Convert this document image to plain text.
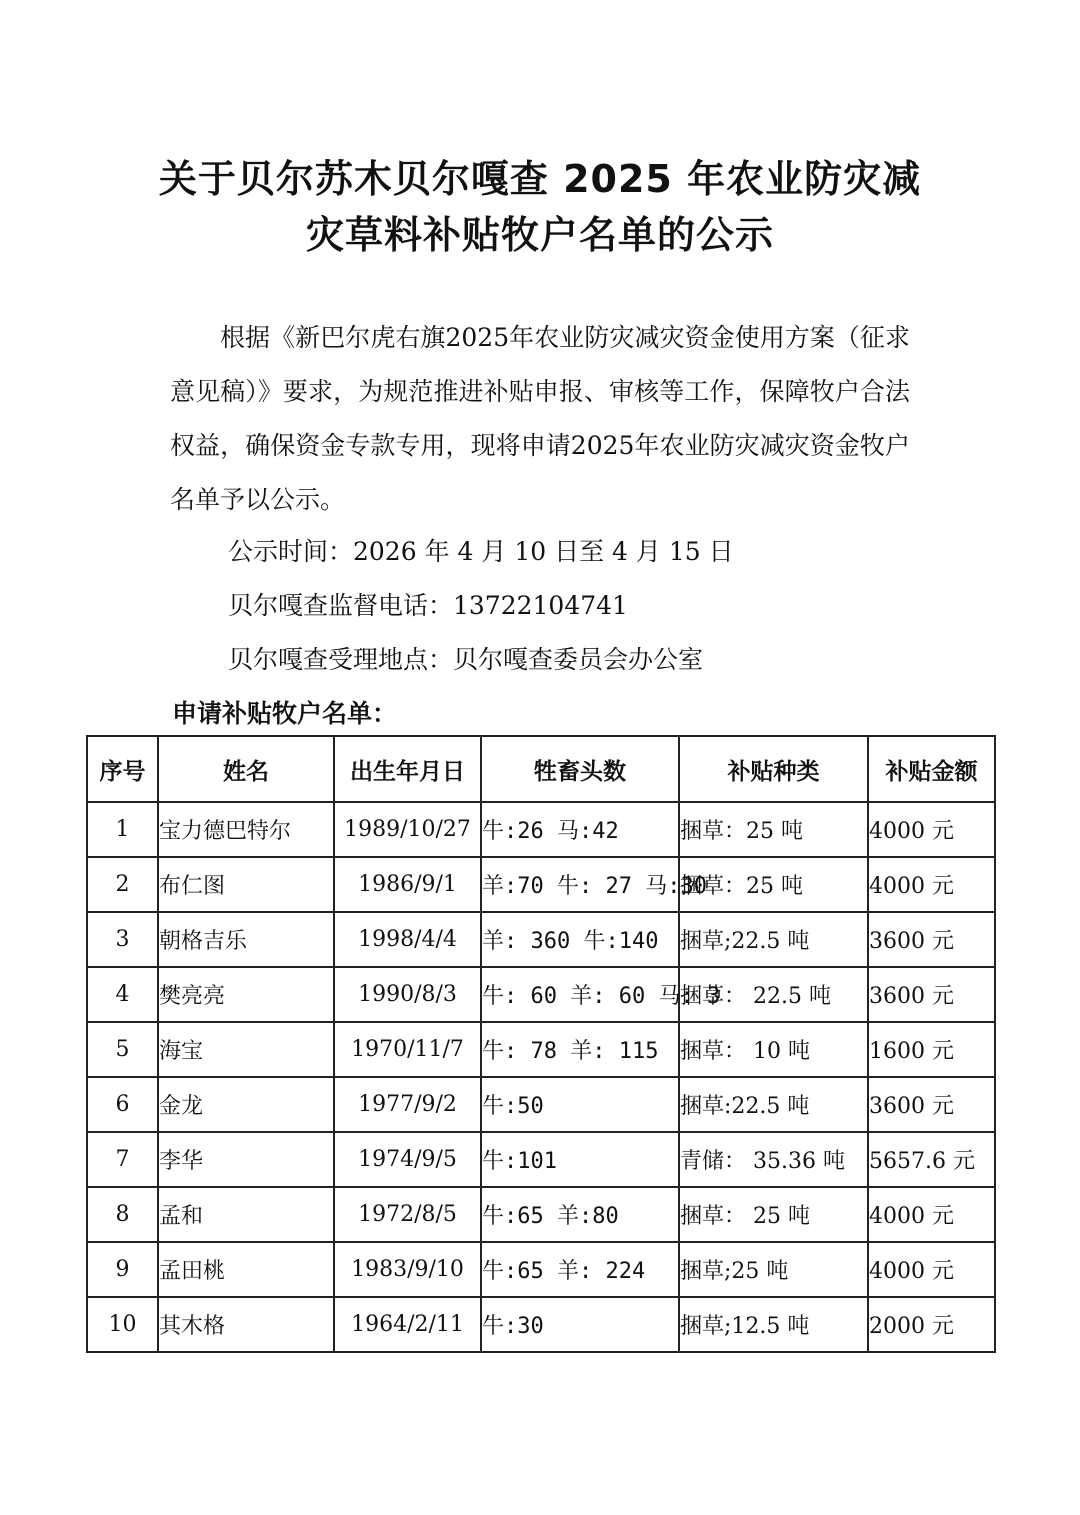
关于贝尔苏木贝尔嘎查 2025 年农业防灾减
灾草料补贴牧户名单的公示

根据《新巴尔虎右旗2025年农业防灾减灾资金使用方案（征求意见稿）》要求，为规范推进补贴申报、审核等工作，保障牧户合法权益，确保资金专款专用，现将申请2025年农业防灾减灾资金牧户名单予以公示。

公示时间：2026 年 4 月 10 日至 4 月 15 日

贝尔嘎查监督电话：13722104741

贝尔嘎查受理地点：贝尔嘎查委员会办公室

申请补贴牧户名单：

序号	姓名	出生年月日	牲畜头数	补贴种类	补贴金额
1	宝力德巴特尔	1989/10/27	牛:26 马:42	捆草：25 吨	4000 元
2	布仁图	1986/9/1	羊:70 牛: 27 马:30	捆草：25 吨	4000 元
3	朝格吉乐	1998/4/4	羊: 360 牛:140	捆草;22.5 吨	3600 元
4	樊亮亮	1990/8/3	牛: 60 羊: 60 马: 3	捆草： 22.5 吨	3600 元
5	海宝	1970/11/7	牛: 78 羊: 115	捆草： 10 吨	1600 元
6	金龙	1977/9/2	牛:50	捆草:22.5 吨	3600 元
7	李华	1974/9/5	牛:101	青储： 35.36 吨	5657.6 元
8	孟和	1972/8/5	牛:65 羊:80	捆草： 25 吨	4000 元
9	孟田桃	1983/9/10	牛:65 羊: 224	捆草;25 吨	4000 元
10	其木格	1964/2/11	牛:30	捆草;12.5 吨	2000 元
